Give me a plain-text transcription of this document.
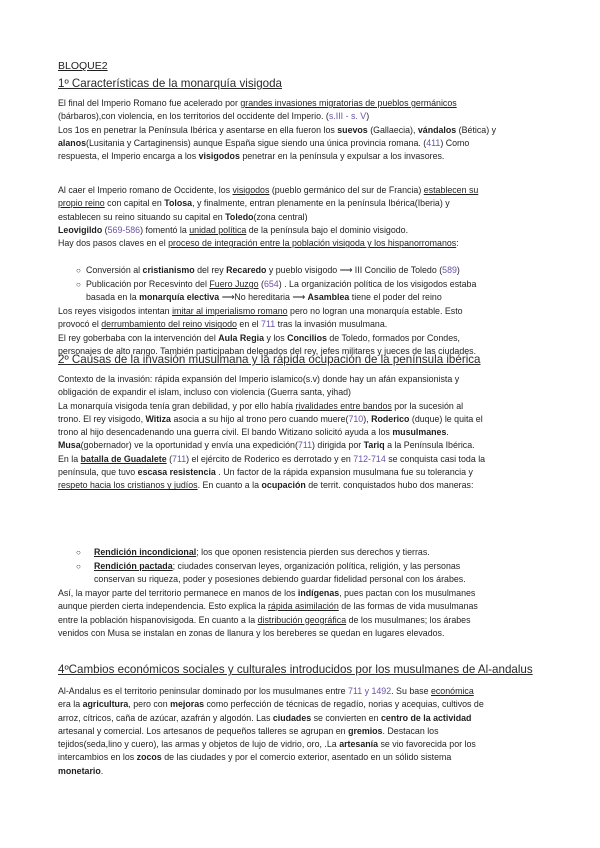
BLOQUE2
1º Características de la monarquía visigoda
El final del Imperio Romano fue acelerado por grandes invasiones migratorias de pueblos germánicos
(bárbaros),con violencia, en los territorios del occidente del Imperio. (s.III - s. V)
Los 1os en penetrar la Península Ibérica y asentarse en ella fueron los suevos (Gallaecia), vándalos (Bética) y
alanos(Lusitania y Cartaginensis) aunque España sigue siendo una única provincia romana. (411) Como
respuesta, el Imperio encarga a los visigodos penetrar en la península y expulsar a los invasores.
Al caer el Imperio romano de Occidente, los visigodos (pueblo germánico del sur de Francia) establecen su
propio reino con capital en Tolosa, y finalmente, entran plenamente en la península Ibérica(Iberia) y
establecen su reino situando su capital en Toledo(zona central)
Leovigildo (569-586) fomentó la unidad política de la península bajo el dominio visigodo.
Hay dos pasos claves en el proceso de integración entre la población visigoda y los hispanorromanos:
○ Conversión al cristianismo del rey Recaredo y pueblo visigodo ⟶ III Concilio de Toledo (589)
○ Publicación por Recesvinto del Fuero Juzgo (654) . La organización política de los visigodos estaba
basada en la monarquía electiva ⟶No hereditaria ⟶ Asamblea tiene el poder del reino
Los reyes visigodos intentan imitar al imperialismo romano pero no logran una monarquía estable. Esto
provocó el derrumbamiento del reino visigodo en el 711 tras la invasión musulmana.
El rey goberbaba con la intervención del Aula Regia y los Concilios de Toledo, formados por Condes,
personajes de alto rango. También participaban delegados del rey, jefes militares y jueces de las ciudades.
2º Causas de la invasión musulmana y la rápida ocupación de la península ibérica
Contexto de la invasión: rápida expansión del Imperio islamico(s.v) donde hay un afán expansionista y
obligación de expandir el islam, incluso con violencia (Guerra santa, yihad)
La monarquía visigoda tenía gran debilidad, y por ello había rivalidades entre bandos por la sucesión al
trono. El rey visigodo, Witiza asocia a su hijo al trono pero cuando muere(710), Roderico (duque) le quita el
trono al hijo desencadenando una guerra civil. El bando Witizano solicitó ayuda a los musulmanes.
Musa(gobernador) ve la oportunidad y envía una expedición(711) dirigida por Tariq a la Península Ibérica.
En la batalla de Guadalete (711) el ejército de Roderico es derrotado y en 712-714 se conquista casi toda la
península, que tuvo escasa resistencia . Un factor de la rápida expansion musulmana fue su tolerancia y
respeto hacia los cristianos y judíos. En cuanto a la ocupación de territ. conquistados hubo dos maneras:
○ Rendición incondicional; los que oponen resistencia pierden sus derechos y tierras.
○ Rendición pactada; ciudades conservan leyes, organización política, religión, y las personas
conservan su riqueza, poder y posesiones debiendo guardar fidelidad personal con los árabes.
Así, la mayor parte del territorio permanece en manos de los indígenas, pues pactan con los musulmanes
aunque pierden cierta independencia. Esto explica la rápida asimilación de las formas de vida musulmanas
entre la población hispanovisigoda. En cuanto a la distribución geográfica de los musulmanes; los árabes
venidos con Musa se instalan en zonas de llanura y los bereberes se quedan en lugares elevados.
4ºCambios económicos sociales y culturales introducidos por los musulmanes de Al-andalus
Al-Andalus es el territorio peninsular dominado por los musulmanes entre 711 y 1492. Su base económica
era la agricultura, pero con mejoras como perfección de técnicas de regadío, norias y acequias, cultivos de
arroz, cítricos, caña de azúcar, azafrán y algodón. Las ciudades se convierten en centro de la actividad
artesanal y comercial. Los artesanos de pequeños talleres se agrupan en gremios. Destacan los
tejidos(seda,lino y cuero), las armas y objetos de lujo de vidrio, oro, .La artesanía se vio favorecida por los
intercambios en los zocos de las ciudades y por el comercio exterior, asentado en un sólido sistema
monetario.
